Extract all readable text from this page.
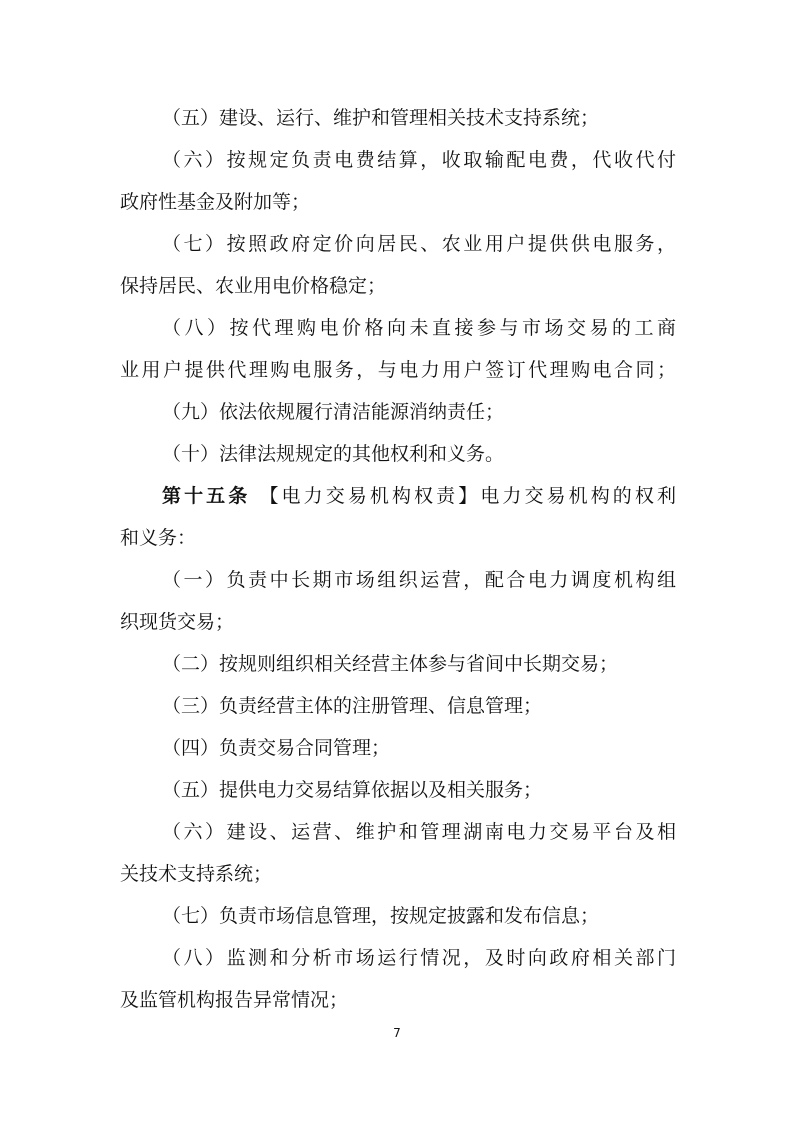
（五）建设、运行、维护和管理相关技术支持系统；
（六）按规定负责电费结算，收取输配电费，代收代付
政府性基金及附加等；
（七）按照政府定价向居民、农业用户提供供电服务，
保持居民、农业用电价格稳定；
（八）按代理购电价格向未直接参与市场交易的工商
业用户提供代理购电服务，与电力用户签订代理购电合同；
（九）依法依规履行清洁能源消纳责任；
（十）法律法规规定的其他权利和义务。
第十五条 【电力交易机构权责】电力交易机构的权利
和义务：
（一）负责中长期市场组织运营，配合电力调度机构组
织现货交易；
（二）按规则组织相关经营主体参与省间中长期交易；
（三）负责经营主体的注册管理、信息管理；
（四）负责交易合同管理；
（五）提供电力交易结算依据以及相关服务；
（六）建设、运营、维护和管理湖南电力交易平台及相
关技术支持系统；
（七）负责市场信息管理，按规定披露和发布信息；
（八）监测和分析市场运行情况，及时向政府相关部门
及监管机构报告异常情况；
7
